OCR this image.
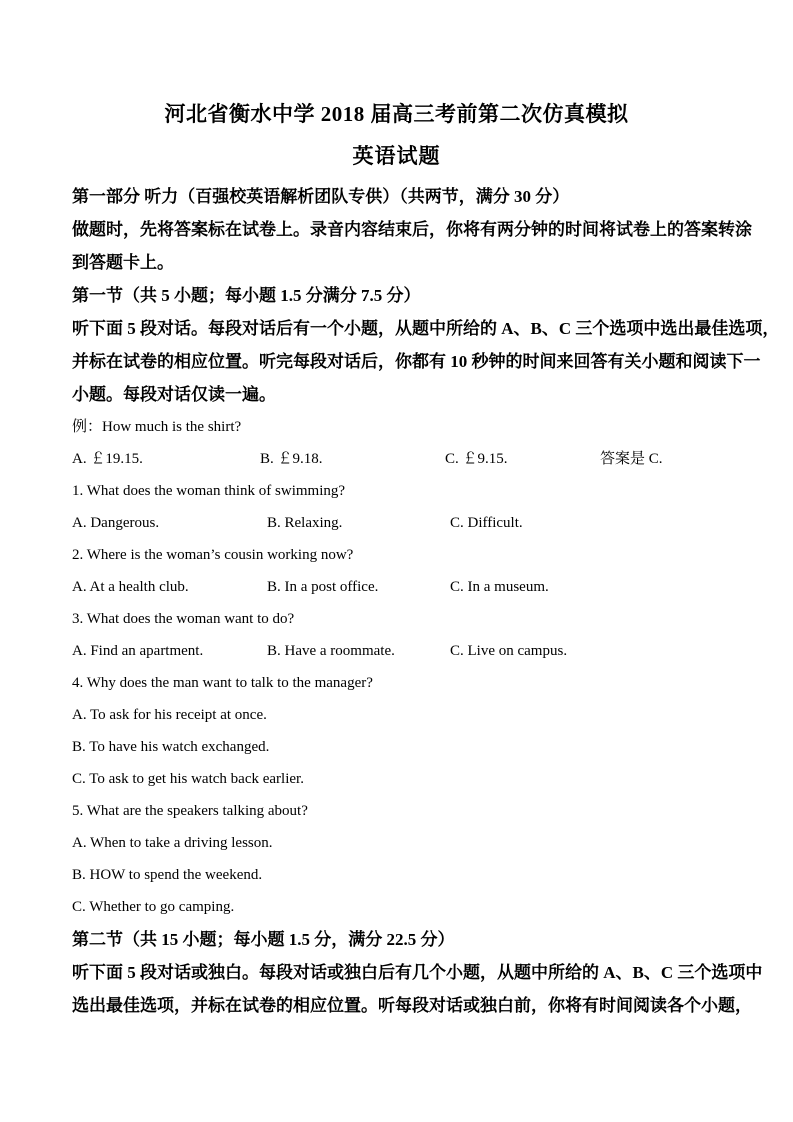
河北省衡水中学 2018 届高三考前第二次仿真模拟
英语试题
第一部分 听力（百强校英语解析团队专供）（共两节，满分 30 分）
做题时，先将答案标在试卷上。录音内容结束后，你将有两分钟的时间将试卷上的答案转涂
到答题卡上。
第一节（共 5 小题；每小题 1.5 分满分 7.5 分）
听下面 5 段对话。每段对话后有一个小题，从题中所给的 A、B、C 三个选项中选出最佳选项，
并标在试卷的相应位置。听完每段对话后，你都有 10 秒钟的时间来回答有关小题和阅读下一
小题。每段对话仅读一遍。
例：How much is the shirt?
A. ￡19.15.	B. ￡9.18.	C. ￡9.15.	答案是 C.
1. What does the woman think of swimming?
A. Dangerous.	B. Relaxing.	C. Difficult.
2. Where is the woman’s cousin working now?
A. At a health club.	B. In a post office.	C. In a museum.
3. What does the woman want to do?
A. Find an apartment.	B. Have a roommate.	C. Live on campus.
4. Why does the man want to talk to the manager?
A. To ask for his receipt at once.
B. To have his watch exchanged.
C. To ask to get his watch back earlier.
5. What are the speakers talking about?
A. When to take a driving lesson.
B. HOW to spend the weekend.
C. Whether to go camping.
第二节（共 15 小题；每小题 1.5 分，满分 22.5 分）
听下面 5 段对话或独白。每段对话或独白后有几个小题，从题中所给的 A、B、C 三个选项中
选出最佳选项，并标在试卷的相应位置。听每段对话或独白前，你将有时间阅读各个小题，
